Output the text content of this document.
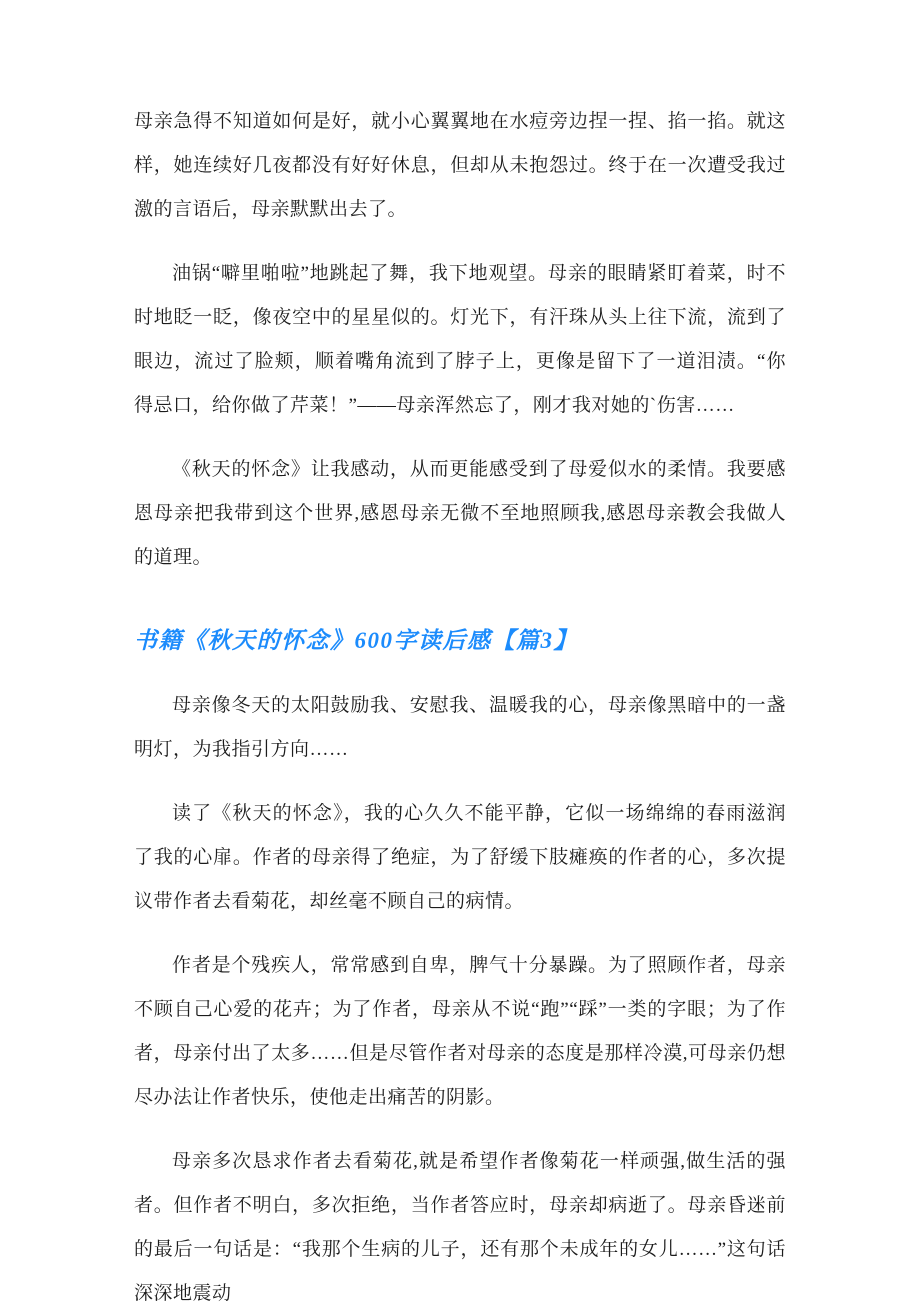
母亲急得不知道如何是好，就小心翼翼地在水痘旁边捏一捏、掐一掐。就这样，她连续好几夜都没有好好休息，但却从未抱怨过。终于在一次遭受我过激的言语后，母亲默默出去了。

油锅“噼里啪啦”地跳起了舞，我下地观望。母亲的眼睛紧盯着菜，时不时地眨一眨，像夜空中的星星似的。灯光下，有汗珠从头上往下流，流到了眼边，流过了脸颊，顺着嘴角流到了脖子上，更像是留下了一道泪渍。“你得忌口，给你做了芹菜！”——母亲浑然忘了，刚才我对她的`伤害……

《秋天的怀念》让我感动，从而更能感受到了母爱似水的柔情。我要感恩母亲把我带到这个世界,感恩母亲无微不至地照顾我,感恩母亲教会我做人的道理。

书籍《秋天的怀念》600字读后感【篇3】

母亲像冬天的太阳鼓励我、安慰我、温暖我的心，母亲像黑暗中的一盏明灯，为我指引方向……

读了《秋天的怀念》，我的心久久不能平静，它似一场绵绵的春雨滋润了我的心扉。作者的母亲得了绝症，为了舒缓下肢瘫痪的作者的心，多次提议带作者去看菊花，却丝毫不顾自己的病情。

作者是个残疾人，常常感到自卑，脾气十分暴躁。为了照顾作者，母亲不顾自己心爱的花卉；为了作者，母亲从不说“跑”“踩”一类的字眼；为了作者，母亲付出了太多……但是尽管作者对母亲的态度是那样冷漠,可母亲仍想尽办法让作者快乐，使他走出痛苦的阴影。

母亲多次恳求作者去看菊花,就是希望作者像菊花一样顽强,做生活的强者。但作者不明白，多次拒绝，当作者答应时，母亲却病逝了。母亲昏迷前的最后一句话是：“我那个生病的儿子，还有那个未成年的女儿……”这句话深深地震动
